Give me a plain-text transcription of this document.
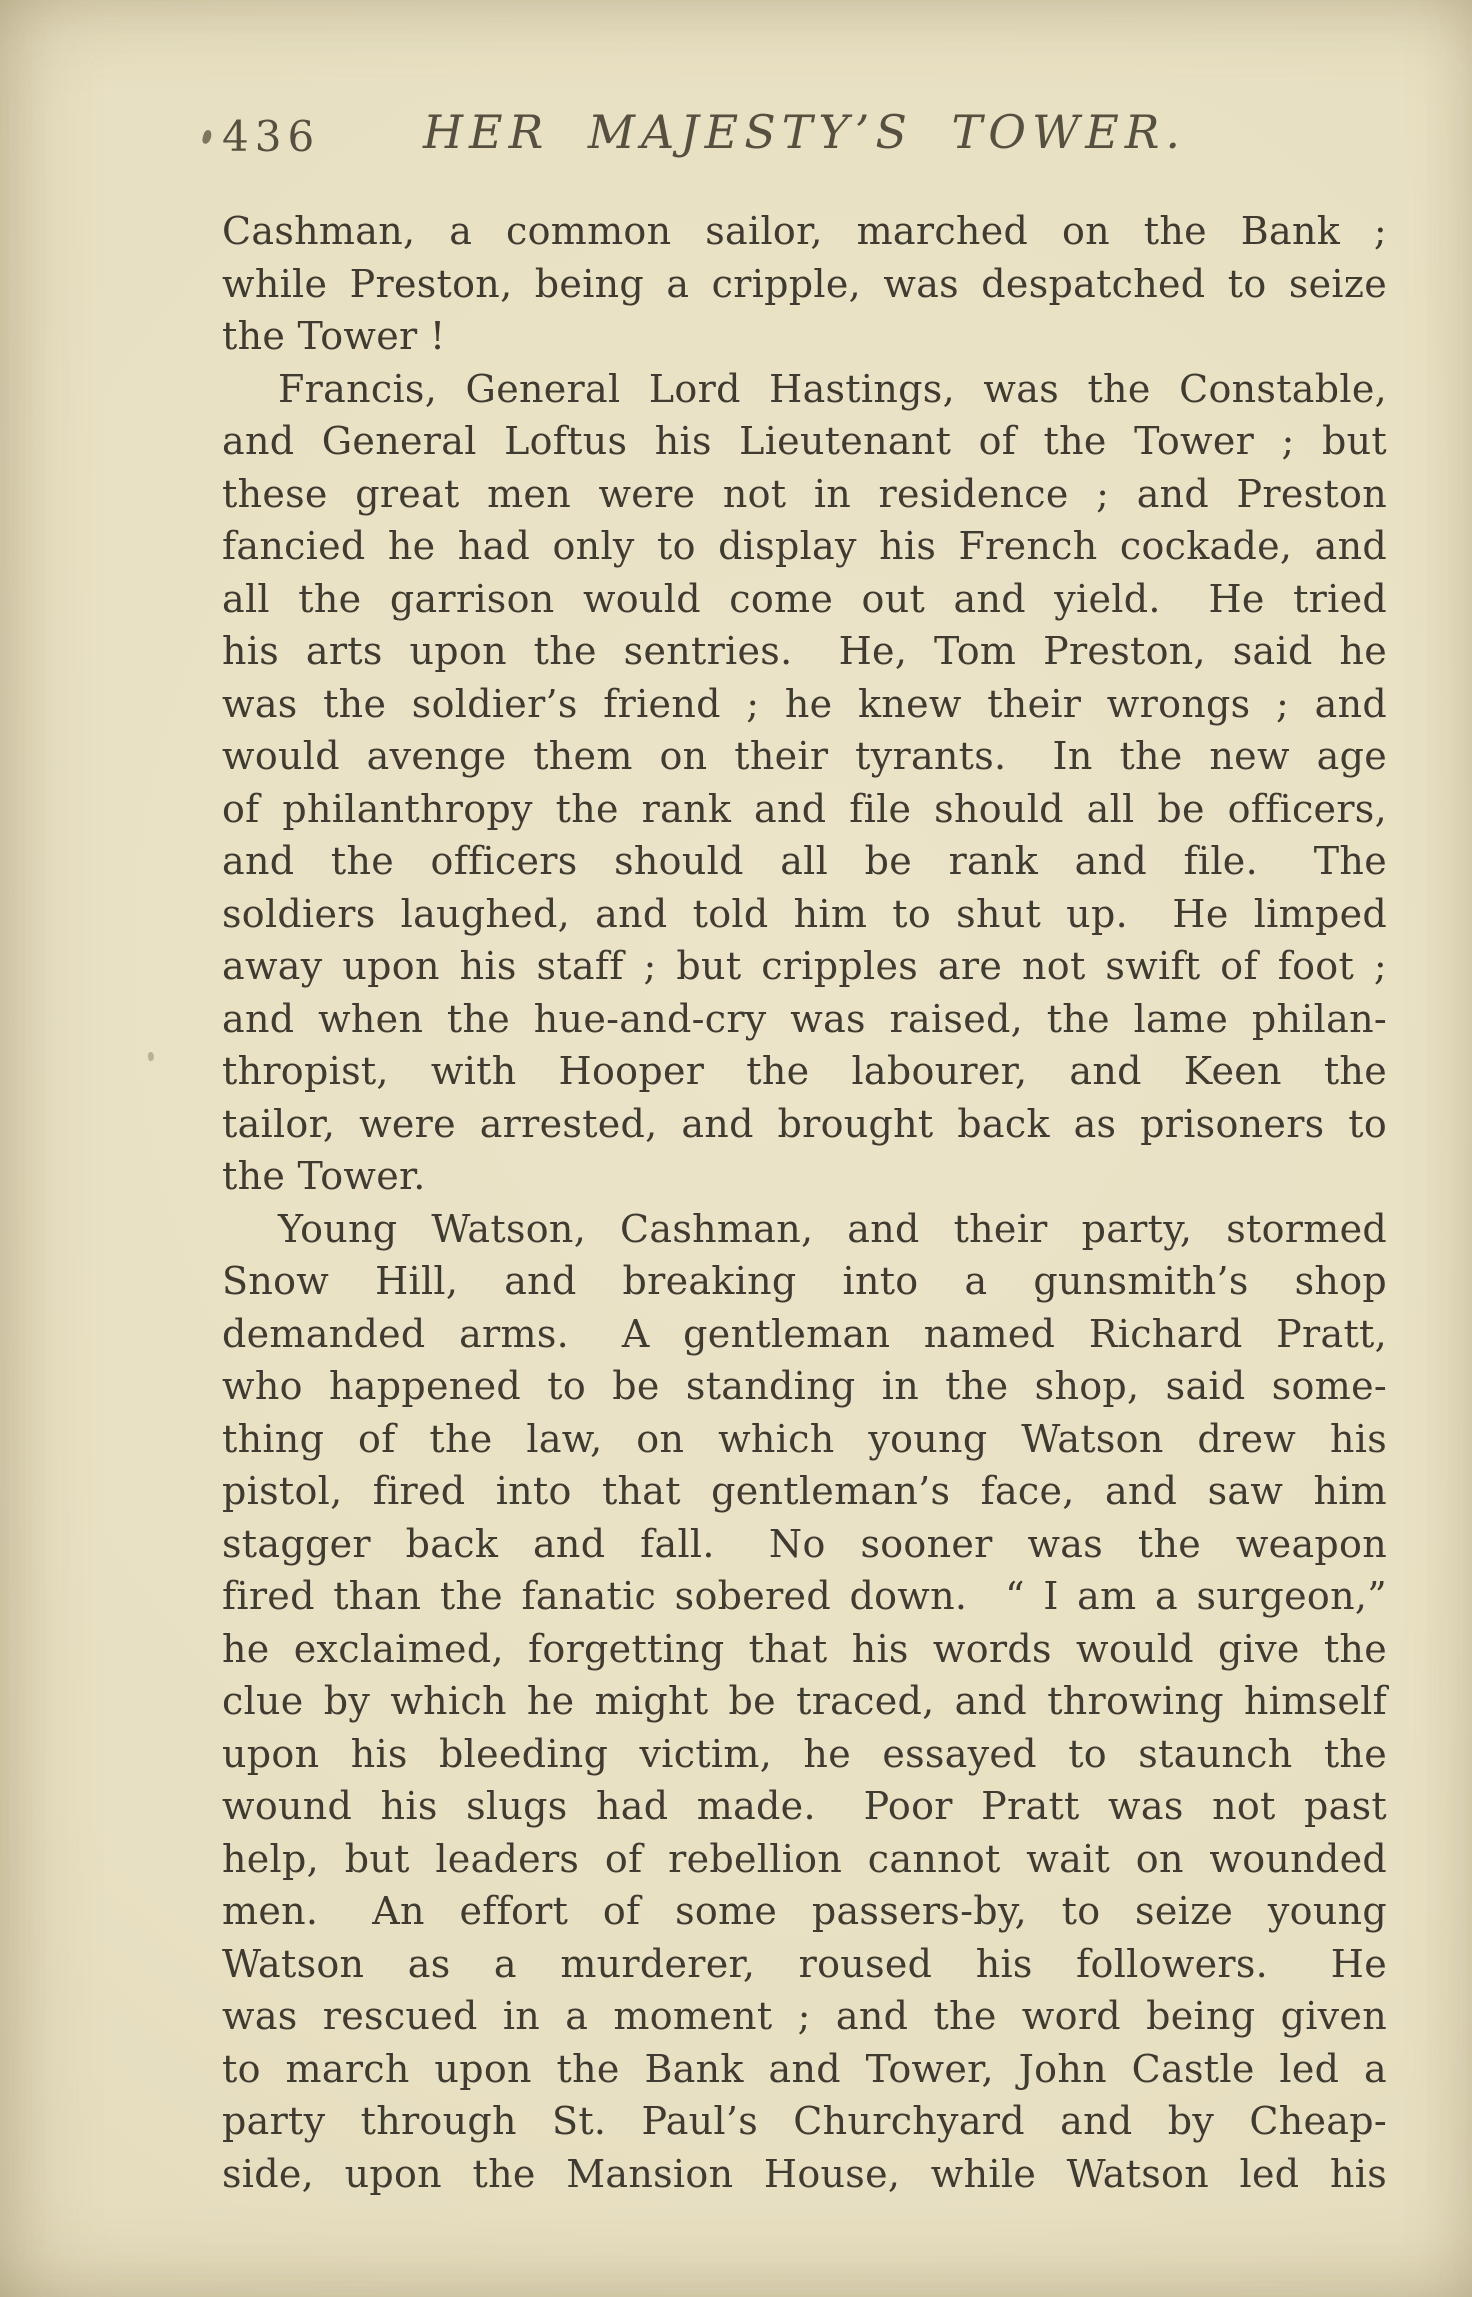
436	HER MAJESTY’S TOWER.
Cashman, a common sailor, marched on the Bank ;
while Preston, being a cripple, was despatched to seize
the Tower !
Francis, General Lord Hastings, was the Constable,
and General Loftus his Lieutenant of the Tower ; but
these great men were not in residence ; and Preston
fancied he had only to display his French cockade, and
all the garrison would come out and yield.  He tried
his arts upon the sentries.  He, Tom Preston, said he
was the soldier’s friend ; he knew their wrongs ; and
would avenge them on their tyrants.  In the new age
of philanthropy the rank and file should all be officers,
and the officers should all be rank and file.  The
soldiers laughed, and told him to shut up.  He limped
away upon his staff ; but cripples are not swift of foot ;
and when the hue-and-cry was raised, the lame philan-
thropist, with Hooper the labourer, and Keen the
tailor, were arrested, and brought back as prisoners to
the Tower.
Young Watson, Cashman, and their party, stormed
Snow Hill, and breaking into a gunsmith’s shop
demanded arms.  A gentleman named Richard Pratt,
who happened to be standing in the shop, said some-
thing of the law, on which young Watson drew his
pistol, fired into that gentleman’s face, and saw him
stagger back and fall.  No sooner was the weapon
fired than the fanatic sobered down.  “ I am a surgeon,”
he exclaimed, forgetting that his words would give the
clue by which he might be traced, and throwing himself
upon his bleeding victim, he essayed to staunch the
wound his slugs had made.  Poor Pratt was not past
help, but leaders of rebellion cannot wait on wounded
men.  An effort of some passers-by, to seize young
Watson as a murderer, roused his followers.  He
was rescued in a moment ; and the word being given
to march upon the Bank and Tower, John Castle led a
party through St. Paul’s Churchyard and by Cheap-
side, upon the Mansion House, while Watson led his
